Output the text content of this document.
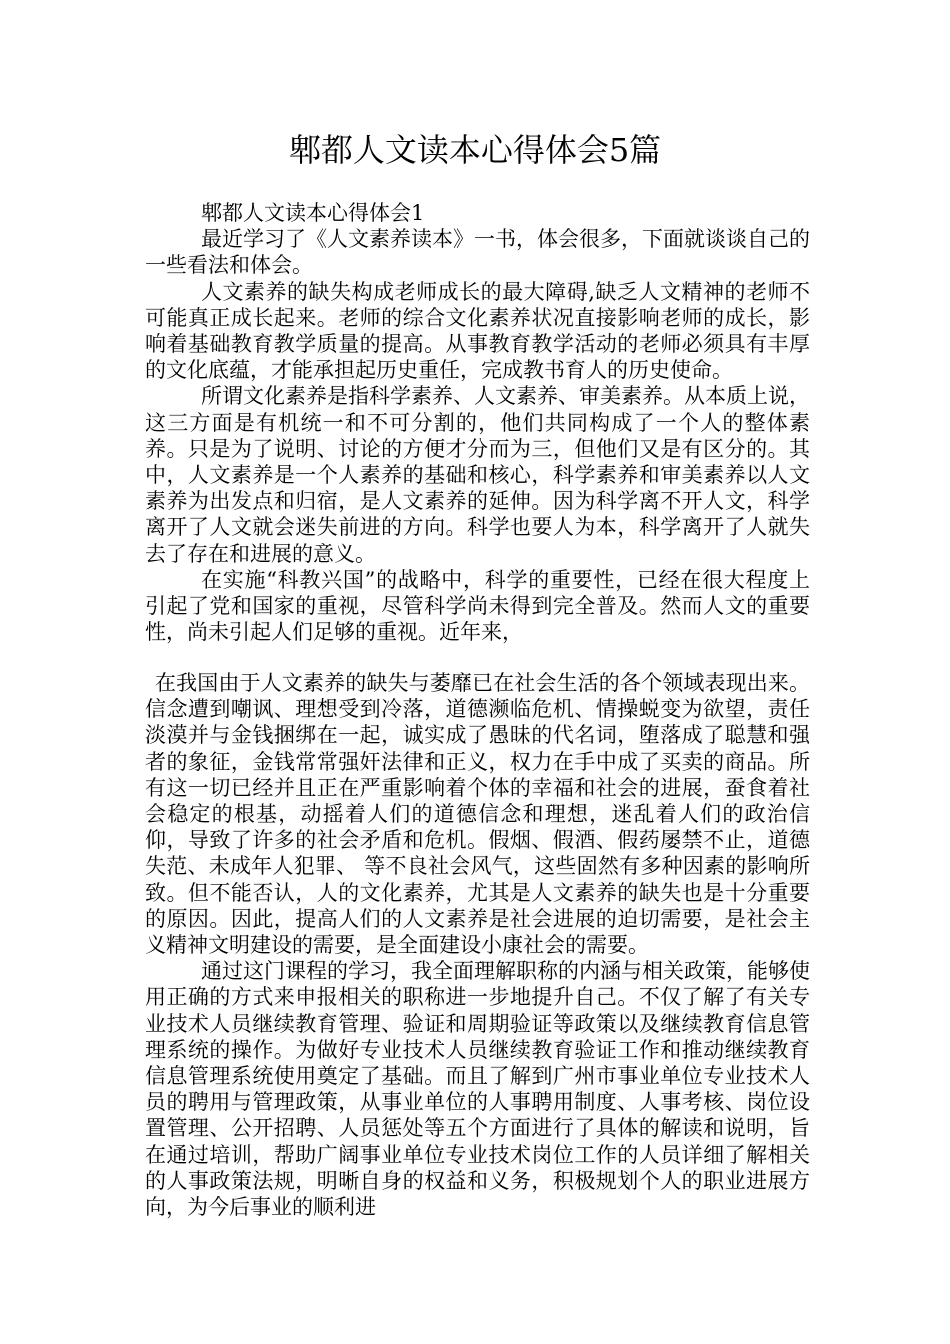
郫都人文读本心得体会5篇

郫都人文读本心得体会1

最近学习了《人文素养读本》一书，体会很多，下面就谈谈自己的一些看法和体会。

人文素养的缺失构成老师成长的最大障碍,缺乏人文精神的老师不可能真正成长起来。老师的综合文化素养状况直接影响老师的成长，影响着基础教育教学质量的提高。从事教育教学活动的老师必须具有丰厚的文化底蕴，才能承担起历史重任，完成教书育人的历史使命。

所谓文化素养是指科学素养、人文素养、审美素养。从本质上说，这三方面是有机统一和不可分割的，他们共同构成了一个人的整体素养。只是为了说明、讨论的方便才分而为三，但他们又是有区分的。其中，人文素养是一个人素养的基础和核心，科学素养和审美素养以人文素养为出发点和归宿，是人文素养的延伸。因为科学离不开人文，科学离开了人文就会迷失前进的方向。科学也要人为本，科学离开了人就失去了存在和进展的意义。

在实施“科教兴国”的战略中，科学的重要性，已经在很大程度上引起了党和国家的重视，尽管科学尚未得到完全普及。然而人文的重要性，尚未引起人们足够的重视。近年来，

在我国由于人文素养的缺失与萎靡已在社会生活的各个领域表现出来。信念遭到嘲讽、理想受到冷落，道德濒临危机、情操蜕变为欲望，责任淡漠并与金钱捆绑在一起，诚实成了愚昧的代名词，堕落成了聪慧和强者的象征，金钱常常强奸法律和正义，权力在手中成了买卖的商品。所有这一切已经并且正在严重影响着个体的幸福和社会的进展，蚕食着社会稳定的根基，动摇着人们的道德信念和理想，迷乱着人们的政治信仰，导致了许多的社会矛盾和危机。假烟、假酒、假药屡禁不止，道德失范、未成年人犯罪、 等不良社会风气，这些固然有多种因素的影响所致。但不能否认，人的文化素养，尤其是人文素养的缺失也是十分重要的原因。因此，提高人们的人文素养是社会进展的迫切需要，是社会主义精神文明建设的需要，是全面建设小康社会的需要。

通过这门课程的学习，我全面理解职称的内涵与相关政策，能够使用正确的方式来申报相关的职称进一步地提升自己。不仅了解了有关专业技术人员继续教育管理、验证和周期验证等政策以及继续教育信息管理系统的操作。为做好专业技术人员继续教育验证工作和推动继续教育信息管理系统使用奠定了基础。而且了解到广州市事业单位专业技术人员的聘用与管理政策，从事业单位的人事聘用制度、人事考核、岗位设置管理、公开招聘、人员惩处等五个方面进行了具体的解读和说明，旨在通过培训，帮助广阔事业单位专业技术岗位工作的人员详细了解相关的人事政策法规，明晰自身的权益和义务，积极规划个人的职业进展方向，为今后事业的顺利进
